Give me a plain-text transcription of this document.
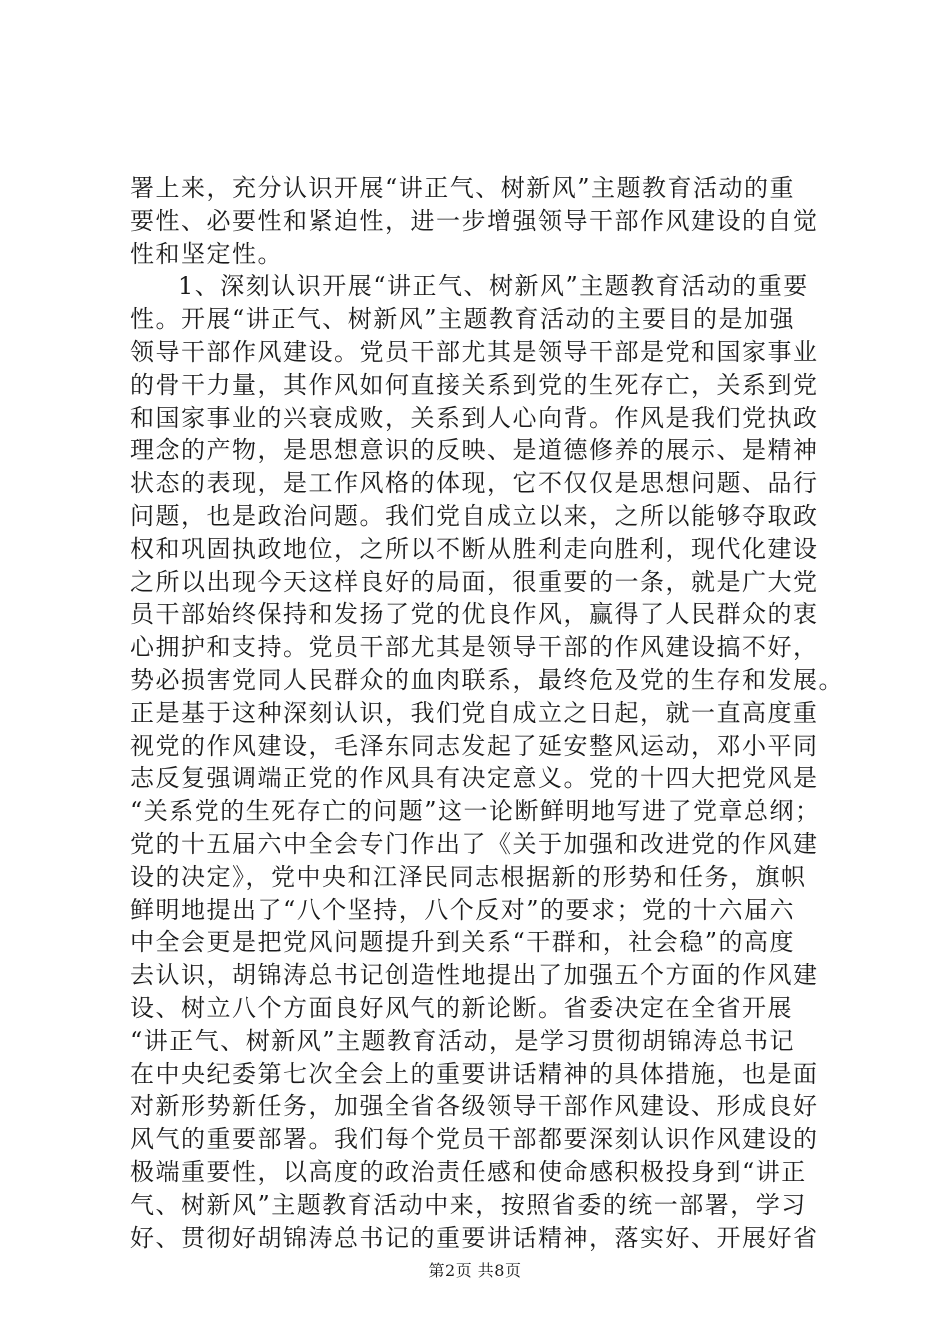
署上来，充分认识开展“讲正气、树新风”主题教育活动的重
要性、必要性和紧迫性，进一步增强领导干部作风建设的自觉
性和坚定性。
1、深刻认识开展“讲正气、树新风”主题教育活动的重要
性。开展“讲正气、树新风”主题教育活动的主要目的是加强
领导干部作风建设。党员干部尤其是领导干部是党和国家事业
的骨干力量，其作风如何直接关系到党的生死存亡，关系到党
和国家事业的兴衰成败，关系到人心向背。作风是我们党执政
理念的产物，是思想意识的反映、是道德修养的展示、是精神
状态的表现，是工作风格的体现，它不仅仅是思想问题、品行
问题，也是政治问题。我们党自成立以来，之所以能够夺取政
权和巩固执政地位，之所以不断从胜利走向胜利，现代化建设
之所以出现今天这样良好的局面，很重要的一条，就是广大党
员干部始终保持和发扬了党的优良作风，赢得了人民群众的衷
心拥护和支持。党员干部尤其是领导干部的作风建设搞不好，
势必损害党同人民群众的血肉联系，最终危及党的生存和发展。
正是基于这种深刻认识，我们党自成立之日起，就一直高度重
视党的作风建设，毛泽东同志发起了延安整风运动，邓小平同
志反复强调端正党的作风具有决定意义。党的十四大把党风是
“关系党的生死存亡的问题”这一论断鲜明地写进了党章总纲；
党的十五届六中全会专门作出了《关于加强和改进党的作风建
设的决定》，党中央和江泽民同志根据新的形势和任务，旗帜
鲜明地提出了“八个坚持，八个反对”的要求；党的十六届六
中全会更是把党风问题提升到关系“干群和，社会稳”的高度
去认识，胡锦涛总书记创造性地提出了加强五个方面的作风建
设、树立八个方面良好风气的新论断。省委决定在全省开展
“讲正气、树新风”主题教育活动，是学习贯彻胡锦涛总书记
在中央纪委第七次全会上的重要讲话精神的具体措施，也是面
对新形势新任务，加强全省各级领导干部作风建设、形成良好
风气的重要部署。我们每个党员干部都要深刻认识作风建设的
极端重要性，以高度的政治责任感和使命感积极投身到“讲正
气、树新风”主题教育活动中来，按照省委的统一部署，学习
好、贯彻好胡锦涛总书记的重要讲话精神，落实好、开展好省
第2页 共8页
